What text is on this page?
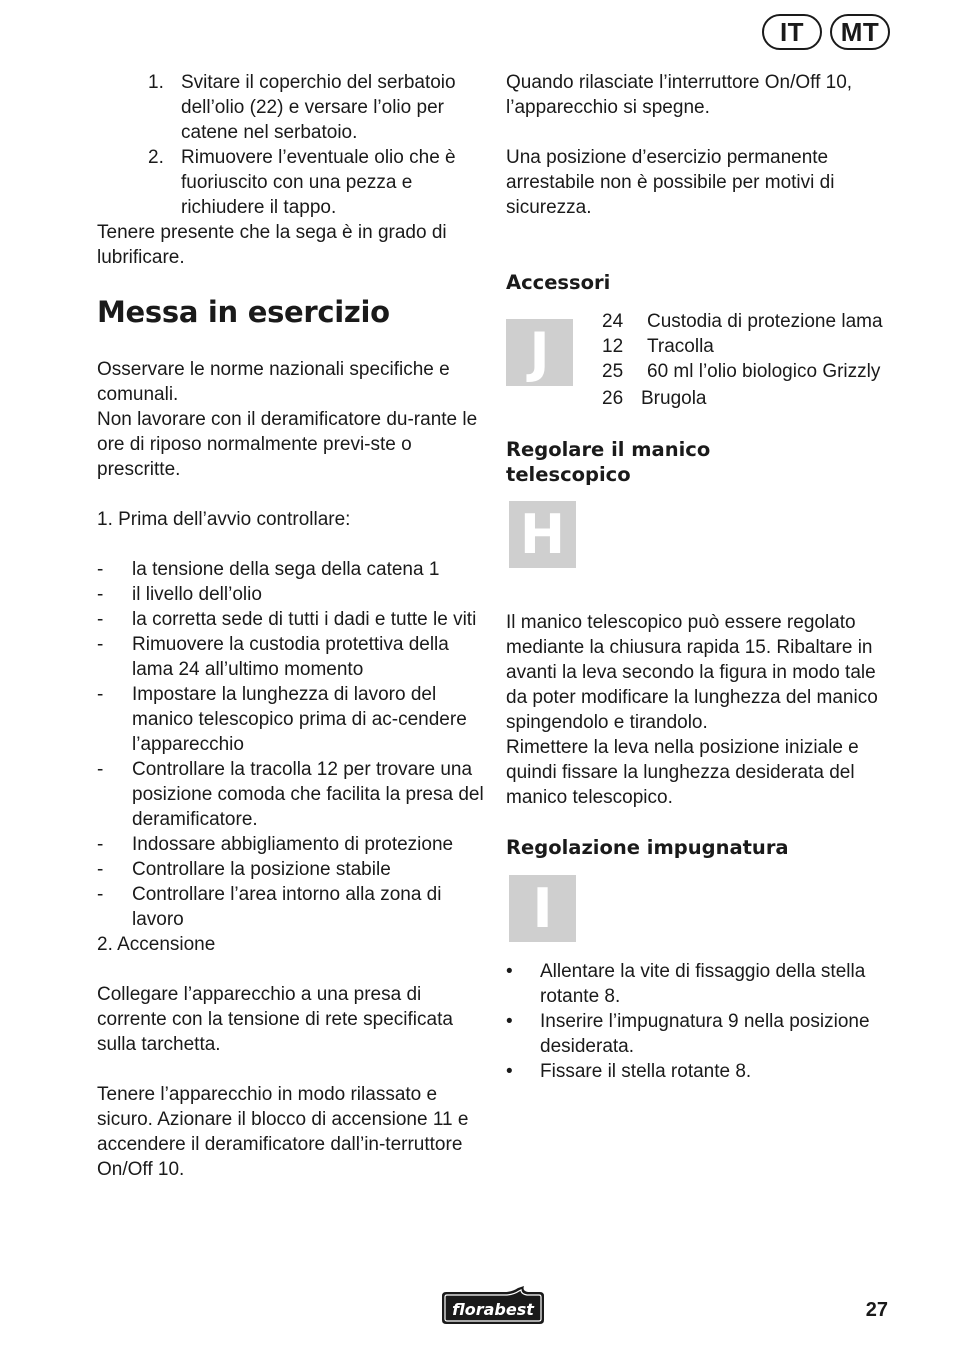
IT	MT
1. Svitare il coperchio del serbatoio dell’olio (22) e versare l’olio per catene nel serbatoio.
2. Rimuovere l’eventuale olio che è fuoriuscito con una pezza e richiudere il tappo.

Tenere presente che la sega è in grado di lubrificare.

Messa in esercizio

Osservare le norme nazionali specifiche e comunali.

Non lavorare con il deramificatore du-rante le ore di riposo normalmente previ-ste o prescritte.

1. Prima dell’avvio controllare:

- la tensione della sega della catena 1
- il livello dell’olio
- la corretta sede di tutti i dadi e tutte le viti
- Rimuovere la custodia protettiva della lama 24 all’ultimo momento
- Impostare la lunghezza di lavoro del manico telescopico prima di ac-cendere l’apparecchio
- Controllare la tracolla 12 per trovare una posizione comoda che facilita la presa del deramificatore.
- Indossare abbigliamento di protezione
- Controllare la posizione stabile
- Controllare l’area intorno alla zona di lavoro

2. Accensione

Collegare l’apparecchio a una presa di corrente con la tensione di rete specificata sulla tarchetta.

Tenere l’apparecchio in modo rilassato e sicuro. Azionare il blocco di accensione 11 e accendere il deramificatore dall’in-terruttore On/Off 10.

Quando rilasciate l’interruttore On/Off 10, l’apparecchio si spegne.

Una posizione d’esercizio permanente arrestabile non è possibile per motivi di sicurezza.

Accessori
J	24 Custodia di protezione lama
12 Tracolla
25 60 ml l’olio biologico Grizzly
26 Brugola
Regolare il manico telescopico
H

Il manico telescopico può essere regolato mediante la chiusura rapida 15. Ribaltare in avanti la leva secondo la figura in modo tale da poter modificare la lunghezza del manico spingendolo e tirandolo.

Rimettere la leva nella posizione iniziale e quindi fissare la lunghezza desiderata del manico telescopico.

Regolazione impugnatura
I
• Allentare la vite di fissaggio della stella rotante 8.
• Inserire l’impugnatura 9 nella posizione desiderata.
• Fissare il stella rotante 8.
florabest	27
